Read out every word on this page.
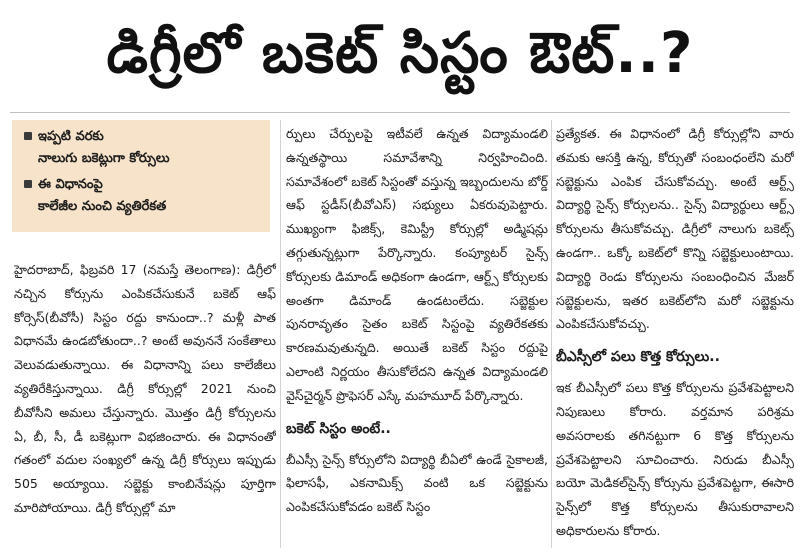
డిగ్రీలో బకెట్ సిస్టం ఔట్..?
ఇప్పటి వరకు
నాలుగు బకెట్లుగా కోర్సులు
ఈ విధానంపై
కాలేజీల నుంచి వ్యతిరేకత

హైదరాబాద్, ఫిబ్రవరి 17 (నమస్తే తెలంగాణ): డిగ్రీలో నచ్చిన కోర్సును ఎంపికచేసుకునే బకెట్ ఆఫ్ కోర్సెస్(బీవోసీ) సిస్టం రద్దు కానుందా..? మళ్లీ పాత విధానమే ఉండబోతుందా..? అంటే అవుననే సంకేతాలు వెలువడుతున్నాయి. ఈ విధానాన్ని పలు కాలేజీలు వ్యతిరేకిస్తున్నాయి. డిగ్రీ కోర్సుల్లో 2021 నుంచి బీవోసీని అమలు చేస్తున్నారు. మొత్తం డిగ్రీ కోర్సులను ఏ, బీ, సీ, డీ బకెట్లుగా విభజించారు. ఈ విధానంతో గతంలో వదుల సంఖ్యలో ఉన్న డిగ్రీ కోర్సులు ఇప్పుడు 505 అయ్యాయి. సబ్జెక్టు కాంబినేషన్లు పూర్తిగా మారిపోయాయి. డిగ్రీ కోర్సుల్లో మా

ర్పులు చేర్పులపై ఇటీవలే ఉన్నత విద్యామండలి ఉన్నతస్థాయి సమావేశాన్ని నిర్వహించింది. సమావేశంలో బకెట్ సిస్టంతో వస్తున్న ఇబ్బందులను బోర్డ్ ఆఫ్ స్టడీస్(బీవోఎస్) సభ్యులు ఏకరువుపెట్టారు. ముఖ్యంగా ఫిజిక్స్, కెమిస్ట్రీ కోర్సుల్లో అడ్మిషన్లు తగ్గుతున్నట్లుగా పేర్కొన్నారు. కంప్యూటర్ సైన్స్ కోర్సులకు డిమాండ్ అధికంగా ఉండగా, ఆర్ట్స్ కోర్సులకు అంతగా డిమాండ్ ఉండటంలేదు. సబ్జెక్టుల పునరావృతం సైతం బకెట్ సిస్టంపై వ్యతిరేకతకు కారణమవుతున్నది. అయితే బకెట్ సిస్టం రద్దుపై ఎలాంటి నిర్ణయం తీసుకోలేదని ఉన్నత విద్యామండలి వైస్‌చైర్మన్ ప్రొఫెసర్ ఎస్కే మహమూద్ పేర్కొన్నారు.

బకెట్ సిస్టం అంటే..

బీఎస్సీ సైన్స్ కోర్సులోని విద్యార్థి బీఏలో ఉండే సైకాలజీ, ఫిలాసఫీ, ఎకనామిక్స్ వంటి ఒక సబ్జెక్టును ఎంపికచేసుకోవడం బకెట్ సిస్టం

ప్రత్యేకత. ఈ విధానంలో డిగ్రీ కోర్సుల్లోని వారు తమకు ఆసక్తి ఉన్న, కోర్సుతో సంబంధంలేని మరో సబ్జెక్టును ఎంపిక చేసుకోవచ్చు. అంటే ఆర్ట్స్ విద్యార్థి సైన్స్ కోర్సులను.. సైన్స్ విద్యార్థులు ఆర్ట్స్ కోర్సులను తీసుకోవచ్చు. డిగ్రీలో నాలుగు బకెట్స్ ఉండగా.. ఒక్కో బకెట్‌లో కొన్ని సబ్జెక్టులుంటాయి. విద్యార్థి రెండు కోర్సులను సంబంధించిన మేజర్ సబ్జెక్టులను, ఇతర బకెట్‌లోని మరో సబ్జెక్టును ఎంపికచేసుకోవచ్చు.

బీఎస్సీలో పలు కొత్త కోర్సులు..

ఇక బీఎస్సీలో పలు కొత్త కోర్సులను ప్రవేశపెట్టాలని నిపుణులు కోరారు. వర్తమాన పరిశ్రమ అవసరాలకు తగినట్టుగా 6 కొత్త కోర్సులను ప్రవేశపెట్టాలని సూచించారు. నిరుడు బీఎస్సీ బయో మెడికల్‌సైన్స్ కోర్సును ప్రవేశపెట్టగా, ఈసారి సైన్స్‌లో కొత్త కోర్సులను తీసుకురావాలని అధికారులను కోరారు.
